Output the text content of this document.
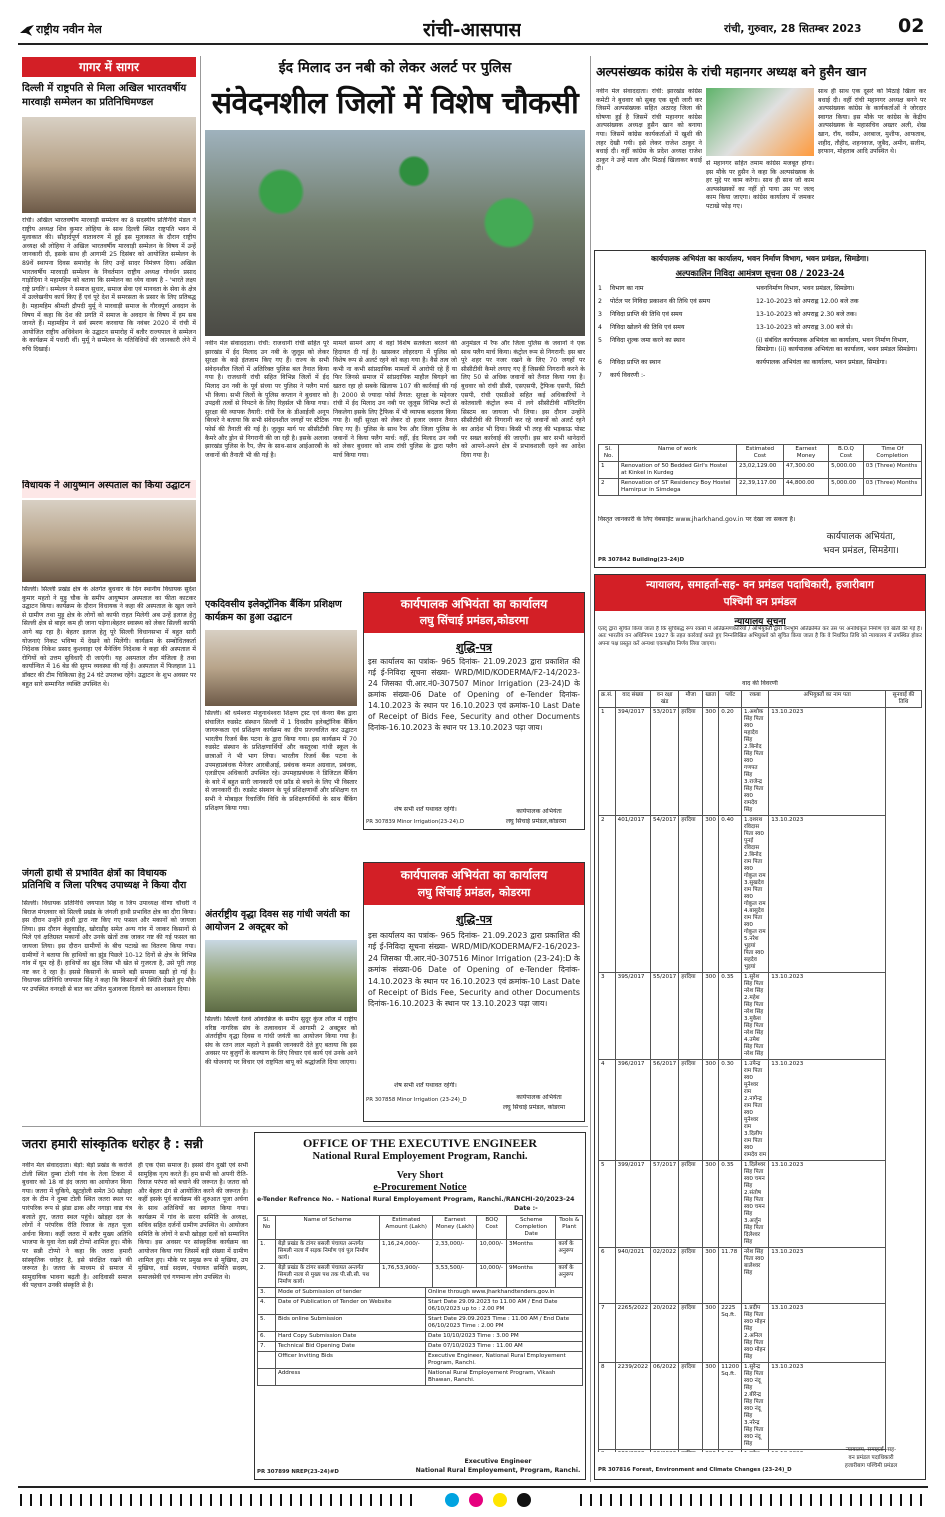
राष्ट्रीय नवीन मेल	रांची-आसपास	रांची, गुरुवार, 28 सितम्बर 2023 02
गागर में सागर
दिल्ली में राष्ट्रपति से मिला अखिल भारतवर्षीय मारवाड़ी सम्मेलन का प्रतिनिधिमण्डल
रांची। अखिल भारतवर्षीय मारवाड़ी सम्मेलन का 8 सदस्यीय प्रतिनिधि मंडल ने राष्ट्रीय अध्यक्ष शिव कुमार लोहिया के साथ दिल्ली स्थित राष्ट्रपति भवन में मुलाकात की। सौहार्दपूर्ण वातावरण में हुई इस मुलाकात के दौरान राष्ट्रीय अध्यक्ष श्री लोहिया ने अखिल भारतवर्षीय मारवाड़ी सम्मेलन के विषय में उन्हें जानकारी दी, इसके साथ ही आगामी 25 दिसंबर को आयोजित सम्मेलन के 89वें स्थापना दिवस समारोह के लिए उन्हें सादर निमंत्रण दिया। अखिल भारतवर्षीय मारवाड़ी सम्मेलन के निवर्तमान राष्ट्रीय अध्यक्ष गोवर्धन प्रसाद गाड़ोदिया ने महामहिम को बताया कि सम्मेलन का ध्येय वाक्य है - 'भारते लक्ष्य राष्ट्रे प्रगति'। सम्मेलन ने समाज सुधार, समाज सेवा एवं मानवता के सेवा के क्षेत्र में उल्लेखनीय कार्य किए हैं एवं पूरे देश में समरसता के प्रसार के लिए प्रतिबद्ध है। महामहिम श्रीमती द्रौपदी मुर्मू ने मारवाड़ी समाज के गौरवपूर्ण अवदान के विषय में कहा कि देश की प्रगति में समाज के अवदान के विषय में हम सब जानते हैं। महामहिम ने सर्व स्मरण करवाया कि नवंबर 2020 में रांची में आयोजित राष्ट्रीय अधिवेशन के उद्घाटन समारोह में बतौर राज्यपाल वे सम्मेलन के कार्यक्रम में पधारी थीं। मुर्मू ने सम्मेलन के गतिविधियों की जानकारी लेने में रुचि दिखाई।
विधायक ने आयुष्मान अस्पताल का किया उद्घाटन
सिल्ली। सिल्ली प्रखंड क्षेत्र के अंतर्गत बुधवार के दिन स्थानीय विधायक सुदेश कुमार महतो ने मुड़ू चौक के समीप आयुष्मान अस्पताल का फीता काटकर उद्घाटन किया। कार्यक्रम के दौरान विधायक ने कहा की अस्पताल के खुल जाने से ग्रामीण तथा मुड़ू क्षेत्र के लोगों को काफी राहत मिलेगी अब उन्हें इलाज हेतु सिल्ली क्षेत्र से बाहर कम ही जाना पड़ेगा।बेहतर स्वास्थ्य को लेकर सिल्ली काफी आगे बढ़ रहा है। बेहतर इलाज हेतु पूरे सिल्ली विधानसभा में बहुत सारी योजनाएं निकट भविष्य में देखने को मिलेंगी। कार्यक्रम के सम्बोधितकर्ता निदेशक निकेश प्रसाद कुशवाहा एवं मैनेजिंग निदेशक ने कहा की अस्पताल में रोगियों को उत्तम सुविधाएँ दी जाएंगी। यह अस्पताल तीन मंजिला है तथा कार्यान्वित में 16 बेड की सुगम व्यवस्था की गई है। अस्पताल में फिलहाल 11 डॉक्टर की टीम चिकित्सा हेतु 24 घंटे उपलब्ध रहेंगे। उद्घाटन के शुभ अवसर पर बहुत सारे सम्मानित व्यक्ति उपस्थित थे।
जंगली हाथी से प्रभावित क्षेत्रों का विधायक प्रतिनिधि व जिला परिषद उपाध्यक्ष ने किया दौरा
सिल्ली। विधायक प्रतिनिधि जयपाल सिंह व जिप उपाध्यक्ष वीणा चौधरी ने बिराज मंगलवार को सिल्ली प्रखंड के जंगली हाथी प्रभावित क्षेत्र का दौरा किया। इस दौरान उन्होंने हाथी द्वारा नष्ट किए गए फसल और मकानों को जायजा लिया। इस दौरान केहुवाडीह, खोराडीह समेत अन्य गांव में जाकर किसानों से मिले एवं क्षतिग्रस्त मकानों और उनके खेतों तक जाकर नष्ट की गई फसल का जायजा लिया। इस दौरान ग्रामीणों के बीच पटाखे का वितरण किया गया। ग्रामीणों ने बताया कि हाथियों का झुंड पिछले 10-12 दिनों से क्षेत्र के विभिन्न गांव में घूम रहे हैं। हाथियों का झुंड जिस भी खेत से गुजरता है, उसे पूरी तरह नष्ट कर दे रहा है। इससे किसानों के सामने बड़ी समस्या खड़ी हो गई है। विधायक प्रतिनिधि जयपाल सिंह ने कहा कि किसानों की स्थिति देखते हुए मौके पर उपस्थित वनरक्षी से बात कर उचित मुआवजा दिलाने का आश्वासन दिया।
ईद मिलाद उन नबी को लेकर अलर्ट पर पुलिस
संवेदनशील जिलों में विशेष चौकसी
नवीन मेल संवाददाता। रांची: राजधानी रांची सहित पूरे झारखंड में ईद मिलाद उन नबी के जुलूस को लेकर सुरक्षा के कड़े इंतजाम किए गए हैं। राज्य के सभी संवेदनशील जिलों में अतिरिक्त पुलिस बल तैनात किया गया है। राजधानी रांची सहित विभिन्न जिलों में ईद मिलाद उन नबी के पूर्व संध्या पर पुलिस ने फ्लैग मार्च भी किया। सभी जिलों के पुलिस कप्तान ने बुधवार को उपद्रवी तत्वों से निपटने के लिए रिहर्सल भी किया गया। सुरक्षा की व्यापक तैयारी: रांची रेंज के डीआईजी अनूप बिरथरे ने बताया कि सभी संवेदनशील जगहों पर स्टैटिक फोर्स की तैनाती की गई है। जुलूस मार्ग पर सीसीटीवी कैमरे और ड्रोन से निगरानी की जा रही है। इसके अलावा झारखंड पुलिस के रैप, जैप के साथ-साथ आईआरबी के जवानों की तैनाती भी की गई है।
मामले सामने आए थे वहां विशेष सतर्कता बरतने की हिदायत दी गई है। खासकर लोहरदगा में पुलिस को विशेष रूप से अलर्ट रहने को कहा गया है। वैसे तत्व जो कभी ना कभी सांप्रदायिक मामलों में आरोपी रहे हैं या फिर जिनसे समाज में सांप्रदायिक माहौल बिगड़ने का खतरा रहा हो सबके खिलाफ 107 की कार्रवाई की गई है। 2000 से ज्यादा फोर्स तैनात: सुरक्षा के मद्देनजर रांची में ईद मिलाद उन नबी पर जुलूस विभिन्न रूटों से निकलेगा इसके लिए ट्रैफिक में भी व्यापक बदलाव किया गया है। वहीं सुरक्षा को लेकर दो हजार जवान तैनात किए गए हैं। पुलिस के साथ रैफ और जिला पुलिस के जवानों ने किया फ्लैग मार्च: वहीं, ईद मिलाद उन नबी को लेकर बुधवार को शाम रांची पुलिस के द्वारा फ्लैग मार्च किया गया।
अनुमंडल में रैफ और जिला पुलिस के जवानों ने एक साथ फ्लैग मार्च किया। कंट्रोल रूम से निगरानी: इस बार पूरे शहर पर नजर रखने के लिए 70 जगहों पर सीसीटीवी कैमरे लगाए गए हैं जिसकी निगरानी करने के लिए 50 से अधिक जवानों को तैनात किया गया है। बुधवार को रांची डीसी, एसएसपी, ट्रैफिक एसपी, सिटी एसपी, रांची एसडीओ सहित कई अधिकारियों ने कोतवाली कंट्रोल रूम में लगे सीसीटीवी मॉनिटरिंग सिस्टम का जायजा भी लिया। इस दौरान उन्होंने सीसीटीवी की निगरानी कर रहे जवानों को अलर्ट रहने का आदेश भी दिया। किसी भी तरह की भड़काऊ पोस्ट पर सख्त कार्रवाई की जाएगी। इस बार सभी थानेदारों को आपने-अपने क्षेत्र में प्रभावशाली रहने का आदेश दिया गया है।
एकदिवसीय इलेक्ट्रॉनिक बैंकिंग प्रशिक्षण कार्यक्रम का हुआ उद्घाटन
सिल्ली। श्री धर्मेश्वरा मंजुनाथेश्वरा शिक्षण ट्रस्ट एवं केनरा बैंक द्वारा संचालित रुडसेट संस्थान सिल्ली में 1 दिवसीय इलेक्ट्रॉनिक बैंकिंग जागरूकता एवं प्रशिक्षण कार्यक्रम का दीप प्रज्ज्वलित कर उद्घाटन भारतीय रिजर्व बैंक पटना के द्वारा किया गया। इस कार्यक्रम में 70 रुडसेट संस्थान के प्रशिक्षणार्थियों और कस्तूरबा गांधी स्कूल के छात्राओं ने भी भाग लिया। भारतीय रिजर्व बैंक पटना के उपमहाप्रबंधक मैनेजर आरबीआई, प्रबंधक कमल अग्रवाल, प्रबंधक, एलडीएम अधिकारी उपस्थित रहे। उपमहाप्रबंधक ने डिजिटल बैंकिंग के बारे में बहुत सारी जानकारी एवं फ्रॉड से बचने के लिए भी विस्तार से जानकारी दी। रुडसेट संस्थान के पूर्व प्रशिक्षणार्थी और प्रशिक्षण रत सभी ने मोबाइल रिचार्जिंग विधि के प्रशिक्षणार्थियों के साथ बैंकिंग प्रशिक्षण किया गया।
अंतर्राष्ट्रीय वृद्धा दिवस सह गांधी जयंती का आयोजन 2 अक्टूबर को
सिल्ली। सिल्ली रेलवे ओवरब्रिज के समीप सुदूर कुंज लॉज में राष्ट्रीय वरिष्ठ नागरिक संघ के तत्वावधान में आगामी 2 अक्टूबर को अंतर्राष्ट्रीय वृद्धा दिवस व गांधी जयंती का आयोजन किया गया है। संघ के रतन लाल महतो ने इसकी जानकारी देते हुए बताया कि इस अवसर पर बुजुर्गों के कल्याण के लिए विचार एवं कार्य एवं उनके आने की योजनाएं पर विचार एवं राष्ट्रपिता बापू को श्रद्धांजलि दिया जाएगा।
कार्यपालक अभियंता का कार्यालय
लघु सिंचाई प्रमंडल,कोडरमा
शुद्धि-पत्र
इस कार्यालय का पत्रांक- 965 दिनांक- 21.09.2023 द्वारा प्रकाशित की गई ई-निविदा सूचना संख्या- WRD/MID/KODERMA/F2-14/2023-24 जिसका पी.आर.नं0-307507 Minor Irrigation (23-24)D के क्रमांक संख्या-06 Date of Opening of e-Tender दिनांक- 14.10.2023 के स्थान पर 16.10.2023 एवं क्रमांक-10 Last Date of Receipt of Bids Fee, Security and other Documents दिनांक-16.10.2023 के स्थान पर 13.10.2023 पढ़ा जाय।
शेष सभी शर्तें यथावत रहेगी।
PR 307839 Minor Irrigation(23-24).D
कार्यपालक अभियंता
लघु सिंचाई प्रमंडल,कोडरमा
कार्यपालक अभियंता का कार्यालय
लघु सिंचाई प्रमंडल, कोडरमा
शुद्धि-पत्र
इस कार्यालय का पत्रांक- 965 दिनांक- 21.09.2023 द्वारा प्रकाशित की गई ई-निविदा सूचना संख्या- WRD/MID/KODERMA/F2-16/2023-24 जिसका पी.आर.नं0-307516 Minor Irrigation (23-24):D के क्रमांक संख्या-06 Date of Opening of e-Tender दिनांक- 14.10.2023 के स्थान पर 16.10.2023 एवं क्रमांक-10 Last Date of Receipt of Bids Fee, Security and other Documents दिनांक-16.10.2023 के स्थान पर 13.10.2023 पढ़ा जाय।
शेष सभी शर्तें यथावत रहेगी।
PR 307858 Minor Irrigation (23-24)_D	कार्यपालक अभियंता
लघु सिंचाई प्रमंडल, कोडरमा
जतरा हमारी सांस्कृतिक धरोहर है : सन्नी
नवीन मेल संवाददाता। बेड़ो: बेड़ो प्रखंड के करांजे टोली स्थित दुम्बा टोली गांव के तेला टिकरा में बुधवार को 18 वां इंद जतरा का आयोजन किया गया। जतरा में चुकिये, खूटहोली समेत 30 खोड़हा दल के टीम ने दुम्बा टोली स्थित जतरा स्थल पर पारंपरिक रूप से झंडा ढाक और नगाड़ा वाद्य यंत्र बजाते हुए, जतरा स्थल पहुंचे। खोड़हा दल के लोगों ने परंपरिक रीति रिवाज के तहत पूजा अर्चना किया। कहीं जतरा में बतौर मुख्य अतिथि भाजपा के युवा नेता सन्नी टोप्पो शामिल हुए। मौके पर सन्नी टोप्पो ने कहा कि जतरा हमारी सांस्कृतिक धरोहर है, इसे संरक्षित रखने की जरूरत है। जतरा के माध्यम से समाज में सामुदायिक भावना बढ़ती है। आदिवासी समाज की पहचान उनकी संस्कृति से है।
ही एक ऐसा समाज है। इससे दीन दुखी एवं सभी सामुहिक नृत्य करते हैं। हम सभी को अपनी रीति-रिवाज परंपरा को बचाने की जरूरत है। जतरा को और बेहतर ढंग से आयोजित करने की जरूरत है। कहीं इसके पूर्व कार्यक्रम की शुरुआत पूजा अर्चना के साथ अतिथियों का स्वागत किया गया। कार्यक्रम में गांव के सरना समिति के अध्यक्ष, सचिव सहित दर्जनों ग्रामीण उपस्थित थे। आयोजन समिति के लोगों ने सभी खोड़हा दलों को सम्मानित किया। इस अवसर पर सांस्कृतिक कार्यक्रम का आयोजन किया गया जिसमें बड़ी संख्या में ग्रामीण शामिल हुए। मौके पर प्रमुख रूप से मुखिया, उप मुखिया, वार्ड सदस्य, पंचायत समिति सदस्य, समाजसेवी एवं गणमान्य लोग उपस्थित थे।
OFFICE OF THE EXECUTIVE ENGINEER
National Rural Employement Program, Ranchi.
Very Short
e-Procurement Notice
e-Tender Refrence No. – National Rural Employement Program, Ranchi./RANCHI-20/2023-24
Date :-
Sl. No	Name of Scheme	Estimated Amount (Lakh)	Earnest Money (Lakh)	BOQ Cost	Scheme Completion Date	Tools & Plant
1.	बेड़ो प्रखंड के टांगर बसली पंचायत अन्तर्गत सिमली नाला में सड़क निर्माण एवं पुल निर्माण कार्य।	1,16,24,000/-	2,33,000/-	10,000/-	3Months	कार्य के अनुरूप
2.	बेड़ो प्रखंड के टांगर बसली पंचायत अन्तर्गत सिमली नाला से मुख्य पथ तक पी.सी.सी. पथ निर्माण कार्य।	1,76,53,900/-	3,53,500/-	10,000/-	9Months	कार्य के अनुरूप
3.	Mode of Submission of tender	Online through www.jharkhandtenders.gov.in
4.	Date of Publication of Tender on Website	Start Date 29.09.2023 to 11.00 AM / End Date 06/10/2023 up to : 2.00 PM
5.	Bids online Submission	Start Date 29.09.2023 Time : 11.00 AM / End Date 06/10/2023 Time : 2.00 PM
6.	Hard Copy Submission Date	Date 10/10/2023 Time : 3.00 PM
7.	Technical Bid Opening Date	Date 07/10/2023 Time : 11.00 AM
	Officer Inviting Bids	Executive Engineer, National Rural Employement Program, Ranchi.
	Address	National Rural Employement Program, Vikash Bhawan, Ranchi.
Executive Engineer
National Rural Employement, Program, Ranchi.
PR 307899 NREP(23-24)#D
अल्पसंख्यक कांग्रेस के रांची महानगर अध्यक्ष बने हुसैन खान
नवीन मेल संवाददाता। रांची: झारखंड कांग्रेस कमेटी ने बुधवार को सुबह एक सूची जारी कर जिसमें अल्पसंख्यक सहित अठारह जिला की घोषणा हुई है जिसमें रांची महानगर कांग्रेस अल्पसंख्यक अध्यक्ष हुसैन खान को बनाया गया। जिसमें कांग्रेस कार्यकर्ताओं में खुशी की लहर देखी गयी। इसे लेकर राजेश ठाकुर ने बधाई दी। वहीं कांग्रेस के प्रदेश अध्यक्ष राजेश ठाकुर ने उन्हें माला और मिठाई खिलाकर बधाई दी।
से महानगर सहित तमाम कांग्रेस मजबूत होगा। इस मौके पर हुसैन ने कहा कि अल्पसंख्यक के हर मुद्दे पर काम करेगा। साथ ही साथ जो काम अल्पसंख्यकों का नहीं हो पाया उस पर जल्द काम किया जाएगा। कांग्रेस कार्यालय में जमकर पटाखे फोड़ गए।
साथ ही साथ एक दूसरे को मिठाई खिला कर बधाई दी। वहीं रांची महानगर अध्यक्ष बनने पर अल्पसंख्यक कांग्रेस के कार्यकर्ताओं ने जोरदार स्वागत किया। इस मौके पर कांग्रेस के केंद्रीय अल्पसंख्यक के महासचिव अख्तर अली, शेख खान, रॉय, वसीम, अरबाज, मुशीफ, आफताब, शहीद, तौहीद, शहनवाज, जुबैद, अमीन, सलीम, इरफान, मोहताब आदि उपस्थित थे।
कार्यपालक अभियंता का कार्यालय, भवन निर्माण विभाग, भवन प्रमंडल, सिमडेगा।
अल्पकालिन निविदा आमंत्रण सूचना 08 / 2023-24
1	विभाग का नाम	भवननिर्माण विभाग, भवन प्रमंडल, सिमडेगा।
2	पोर्टल पर निविदा प्रकाशन की तिथि एवं समय	12-10-2023 को अपराह्न 12.00 बजे तक
3	निविदा प्राप्ति की तिथि एवं समय	13-10-2023 को अपराह्न 2.30 बजे तक।
4	निविदा खोलने की तिथि एवं समय	13-10-2023 को अपराह्न 3.00 बजे से।
5	निविदा शुल्क जमा करने का स्थान	(i) संबंधित कार्यपालक अभियंता का कार्यालय, भवन निर्माण विभाग, सिमडेगा। (ii) कार्यपालक अभियंता का कार्यालय, भवन प्रमंडल सिमडेगा।
6	निविदा प्राप्ति का स्थान	कार्यपालक अभियंता का कार्यालय, भवन प्रमंडल, सिमडेगा।
7	कार्य विवरणी :-
Sl. No.	Name of work	Estimated Cost	Earnest Money	B.O.Q Cost	Time Of Completion
1	Renovation of 50 Bedded Girl's Hostel at Kinkel in Kurdeg	23,02,129.00	47,300.00	5,000.00	03 (Three) Months
2	Renovation of ST Residency Boy Hostel Hamirpur in Simdega	22,39,117.00	44,800.00	5,000.00	03 (Three) Months
विस्तृत जानकारी के लिए वेबसाईट www.jharkhand.gov.in पर देखा जा सकता है।
कार्यपालक अभियंता,
भवन प्रमंडल, सिमडेगा।
PR 307842 Building(23-24)D
न्यायालय, समाहर्ता-सह- वन प्रमंडल पदाधिकारी, हजारीबाग
पश्चिमी वन प्रमंडल
न्यायालय सूचना
एतद् द्वारा सूचित किया जाता है कि सुचिबद्ध रूप रकबों में अतिक्रमणकारियों / अभियुक्तों द्वारा वनभूमि अतिक्रमित कर उस पर अनाधिकृत निर्माण एवं खेती की गई है। अतः भारतीय वन अधिनियम 1927 के तहत कार्रवाई करते हुए निम्नलिखित अभियुक्तों को सूचित किया जाता है कि वे निर्धारित तिथि को न्यायालय में उपस्थित होकर अपना पक्ष प्रस्तुत करें अन्यथा एकपक्षीय निर्णय लिया जाएगा।
वाद की विवरणी
क्र.सं.	वाद संख्या	वन रक्षा खंड	मौजा	खाता	प्लॉट	रकबा	अभियुक्तों का नाम पता	सुनवाई की तिथि
1	394/2017	53/2017	हरदिया	300	0.20	1.अशोक सिंह पिता स्व0 महादेव सिंह 2.बिनोद सिंह पिता स्व0 गणपत सिंह 3.राजेन्द्र सिंह पिता स्व0 रामदेव सिंह	13.10.2023	
2	401/2017	54/2017	हरदिया	300	0.40	1.दशरथ रविदास पिता स्व0 पुनई रविदास 2.बिनोद राम पिता स्व0 गोकुल राम 3.सुखदेव राम पिता स्व0 गोकुल राम 4.बासुदेव राम पिता स्व0 गोकुल राम 5.नरेश भुइयां पिता स्व0 सहदेव भुइयां	13.10.2023	
3	395/2017	55/2017	हरदिया	300	0.35	1.सुरेश सिंह पिता नरेश सिंह 2.महेश सिंह पिता नरेश सिंह 3.मुकेश सिंह पिता नरेश सिंह 4.उमेश सिंह पिता नरेश सिंह	13.10.2023	
4	396/2017	56/2017	हरदिया	300	0.30	1.उपेन्द्र राम पिता स्व0 मुनेश्वर राम 2.नागेन्द्र राम पिता स्व0 मुनेश्वर राम 3.दिलीप राम पिता स्व0 रामदेव राम	13.10.2023	
5	399/2017	57/2017	हरदिया	300	0.35	1.दिलेश्वर सिंह पिता स्व0 चमन सिंह 2.संतोष सिंह पिता स्व0 चमन सिंह 3.अर्जुन सिंह पिता दिलेश्वर सिंह	13.10.2023	
6	940/2021	02/2022	हरदिया	300	11.78	नरेश सिंह पिता स्व0 बालेश्वर सिंह	13.10.2023	
7	2265/2022	20/2022	हरदिया	300	2225 Sq.ft.	1.प्रदीप सिंह पिता स्व0 मोहन सिंह 2.अनिल सिंह पिता स्व0 मोहन सिंह	13.10.2023	
8	2239/2022	06/2022	हरदिया	300	11200 Sq.ft.	1.सुरेन्द्र सिंह पिता स्व0 नंदू सिंह 2.बीरेन्द्र सिंह पिता स्व0 नंदू सिंह 3.नरेन्द्र सिंह पिता स्व0 नंदू सिंह	13.10.2023	

न्यायालय, समाहर्ता -सह-
वन प्रमंडल पदाधिकारी
हजारीबाग पश्चिमी प्रमंडल
PR 307816 Forest, Environment and Climate Changes (23-24)_D
